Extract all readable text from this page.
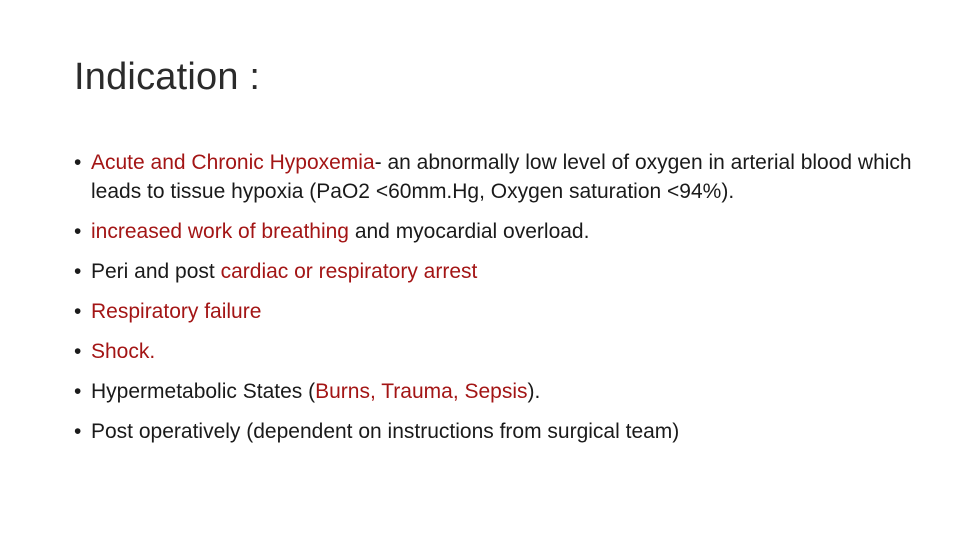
Indication :
• Acute and Chronic Hypoxemia- an abnormally low level of oxygen in arterial blood which leads to tissue hypoxia (PaO2 <60mm.Hg, Oxygen saturation <94%).
• increased work of breathing and myocardial overload.
• Peri and post cardiac or respiratory arrest
• Respiratory failure
• Shock.
• Hypermetabolic States (Burns, Trauma, Sepsis).
• Post operatively (dependent on instructions from surgical team)
